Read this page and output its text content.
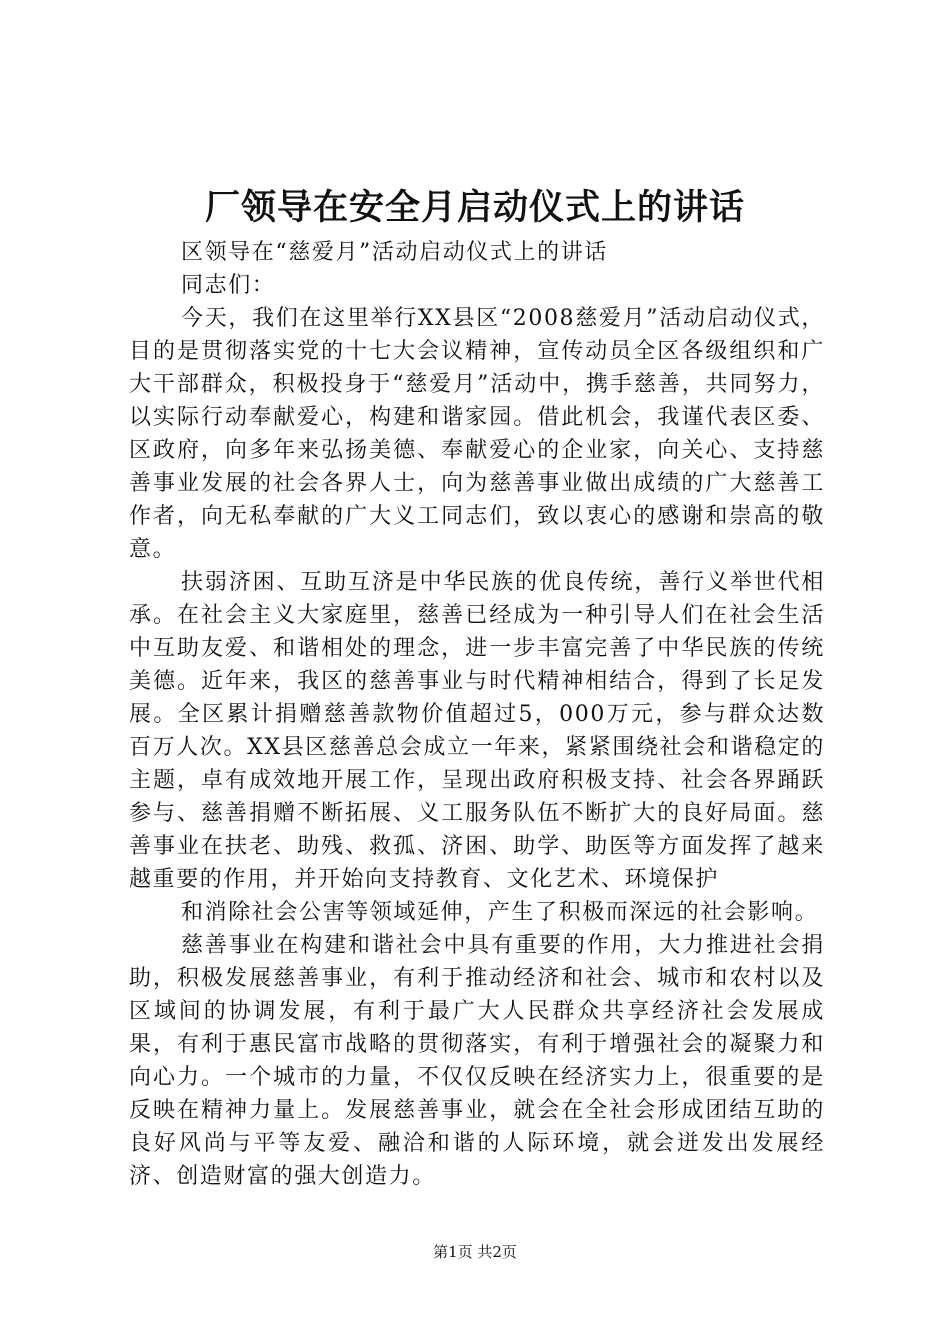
厂领导在安全月启动仪式上的讲话

区领导在“慈爱月”活动启动仪式上的讲话

同志们：

今天，我们在这里举行XX县区“2008慈爱月”活动启动仪式，目的是贯彻落实党的十七大会议精神，宣传动员全区各级组织和广大干部群众，积极投身于“慈爱月”活动中，携手慈善，共同努力，以实际行动奉献爱心，构建和谐家园。借此机会，我谨代表区委、区政府，向多年来弘扬美德、奉献爱心的企业家，向关心、支持慈善事业发展的社会各界人士，向为慈善事业做出成绩的广大慈善工作者，向无私奉献的广大义工同志们，致以衷心的感谢和崇高的敬意。

扶弱济困、互助互济是中华民族的优良传统，善行义举世代相承。在社会主义大家庭里，慈善已经成为一种引导人们在社会生活中互助友爱、和谐相处的理念，进一步丰富完善了中华民族的传统美德。近年来，我区的慈善事业与时代精神相结合，得到了长足发展。全区累计捐赠慈善款物价值超过5，000万元，参与群众达数百万人次。XX县区慈善总会成立一年来，紧紧围绕社会和谐稳定的主题，卓有成效地开展工作，呈现出政府积极支持、社会各界踊跃参与、慈善捐赠不断拓展、义工服务队伍不断扩大的良好局面。慈善事业在扶老、助残、救孤、济困、助学、助医等方面发挥了越来越重要的作用，并开始向支持教育、文化艺术、环境保护

和消除社会公害等领域延伸，产生了积极而深远的社会影响。

慈善事业在构建和谐社会中具有重要的作用，大力推进社会捐助，积极发展慈善事业，有利于推动经济和社会、城市和农村以及区域间的协调发展，有利于最广大人民群众共享经济社会发展成果，有利于惠民富市战略的贯彻落实，有利于增强社会的凝聚力和向心力。一个城市的力量，不仅仅反映在经济实力上，很重要的是反映在精神力量上。发展慈善事业，就会在全社会形成团结互助的良好风尚与平等友爱、融洽和谐的人际环境，就会迸发出发展经济、创造财富的强大创造力。

第1页 共2页
